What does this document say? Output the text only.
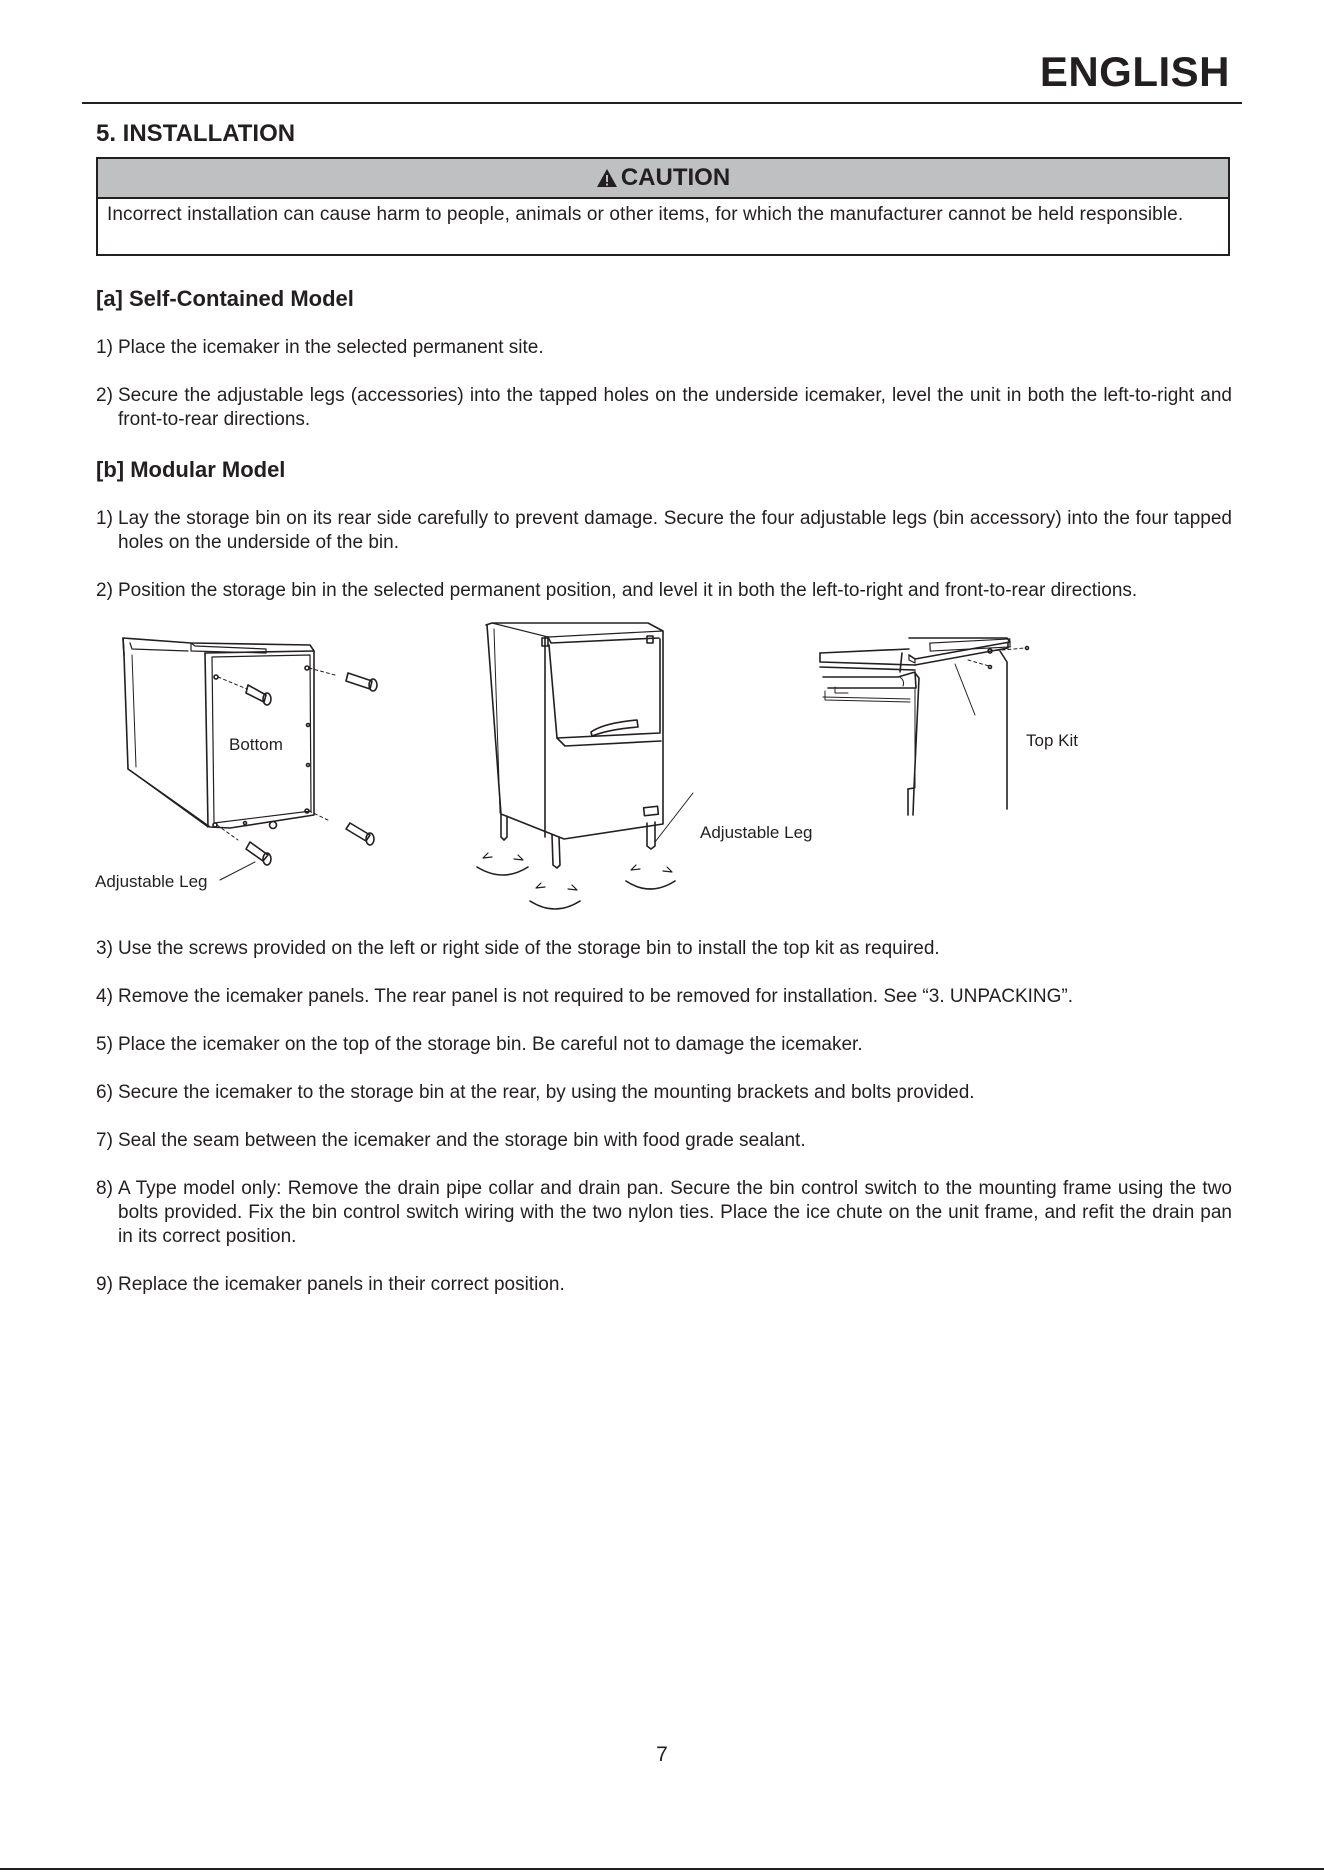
ENGLISH
5. INSTALLATION
CAUTION
Incorrect installation can cause harm to people, animals or other items, for which the manufacturer cannot be held responsible.
[a] Self-Contained Model
1) Place the icemaker in the selected permanent site.
2) Secure the adjustable legs (accessories) into the tapped holes on the underside icemaker, level the unit in both the left-to-right and front-to-rear directions.
[b] Modular Model
1) Lay the storage bin on its rear side carefully to prevent damage. Secure the four adjustable legs (bin accessory) into the four tapped holes on the underside of the bin.
2) Position the storage bin in the selected permanent position, and level it in both the left-to-right and front-to-rear directions.
Bottom
Adjustable Leg
Adjustable Leg
Top Kit
3) Use the screws provided on the left or right side of the storage bin to install the top kit as required.
4) Remove the icemaker panels. The rear panel is not required to be removed for installation. See “3. UNPACKING”.
5) Place the icemaker on the top of the storage bin. Be careful not to damage the icemaker.
6) Secure the icemaker to the storage bin at the rear, by using the mounting brackets and bolts provided.
7) Seal the seam between the icemaker and the storage bin with food grade sealant.
8) A Type model only: Remove the drain pipe collar and drain pan. Secure the bin control switch to the mounting frame using the two bolts provided. Fix the bin control switch wiring with the two nylon ties. Place the ice chute on the unit frame, and refit the drain pan in its correct position.
9) Replace the icemaker panels in their correct position.
7
